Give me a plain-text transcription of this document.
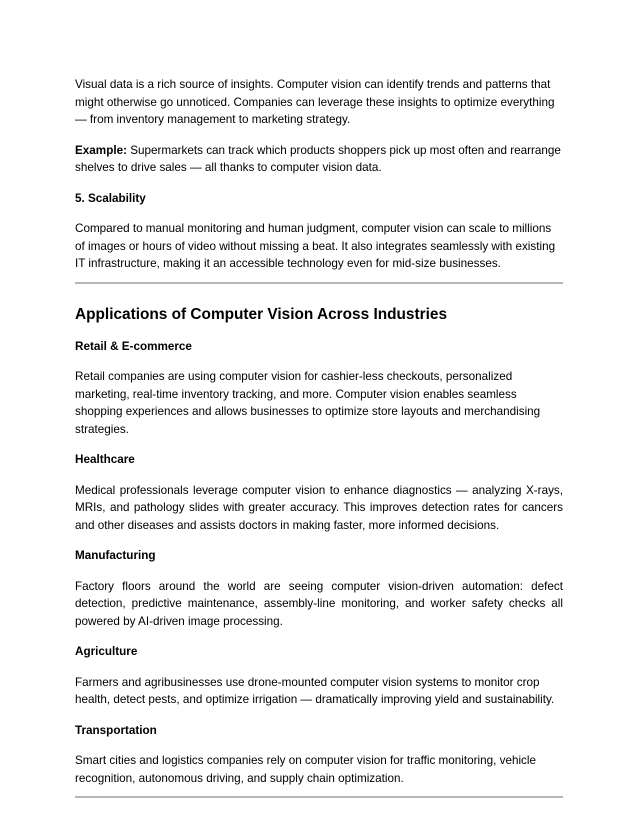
Visual data is a rich source of insights. Computer vision can identify trends and patterns that might otherwise go unnoticed. Companies can leverage these insights to optimize everything — from inventory management to marketing strategy.

Example: Supermarkets can track which products shoppers pick up most often and rearrange shelves to drive sales — all thanks to computer vision data.

5. Scalability

Compared to manual monitoring and human judgment, computer vision can scale to millions of images or hours of video without missing a beat. It also integrates seamlessly with existing IT infrastructure, making it an accessible technology even for mid-size businesses.

Applications of Computer Vision Across Industries
Retail & E-commerce

Retail companies are using computer vision for cashier-less checkouts, personalized marketing, real-time inventory tracking, and more. Computer vision enables seamless shopping experiences and allows businesses to optimize store layouts and merchandising strategies.

Healthcare

Medical professionals leverage computer vision to enhance diagnostics — analyzing X-rays, MRIs, and pathology slides with greater accuracy. This improves detection rates for cancers and other diseases and assists doctors in making faster, more informed decisions.

Manufacturing

Factory floors around the world are seeing computer vision-driven automation: defect detection, predictive maintenance, assembly-line monitoring, and worker safety checks all powered by AI-driven image processing.

Agriculture

Farmers and agribusinesses use drone-mounted computer vision systems to monitor crop health, detect pests, and optimize irrigation — dramatically improving yield and sustainability.

Transportation

Smart cities and logistics companies rely on computer vision for traffic monitoring, vehicle recognition, autonomous driving, and supply chain optimization.
